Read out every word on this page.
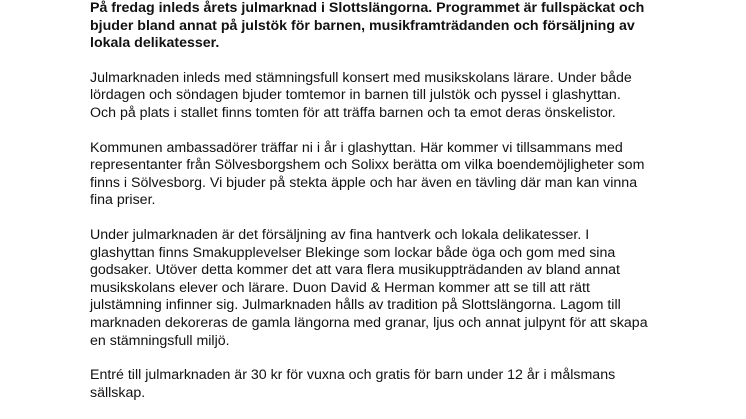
På fredag inleds årets julmarknad i Slottslängorna. Programmet är fullspäckat och
bjuder bland annat på julstök för barnen, musikframträdanden och försäljning av
lokala delikatesser.
Julmarknaden inleds med stämningsfull konsert med musikskolans lärare. Under både
lördagen och söndagen bjuder tomtemor in barnen till julstök och pyssel i glashyttan.
Och på plats i stallet finns tomten för att träffa barnen och ta emot deras önskelistor.
Kommunen ambassadörer träffar ni i år i glashyttan. Här kommer vi tillsammans med
representanter från Sölvesborgshem och Solixx berätta om vilka boendemöjligheter som
finns i Sölvesborg. Vi bjuder på stekta äpple och har även en tävling där man kan vinna
fina priser.
Under julmarknaden är det försäljning av fina hantverk och lokala delikatesser. I
glashyttan finns Smakupplevelser Blekinge som lockar både öga och gom med sina
godsaker. Utöver detta kommer det att vara flera musikuppträdanden av bland annat
musikskolans elever och lärare. Duon David & Herman kommer att se till att rätt
julstämning infinner sig. Julmarknaden hålls av tradition på Slottslängorna. Lagom till
marknaden dekoreras de gamla längorna med granar, ljus och annat julpynt för att skapa
en stämningsfull miljö.
Entré till julmarknaden är 30 kr för vuxna och gratis för barn under 12 år i målsmans
sällskap.
